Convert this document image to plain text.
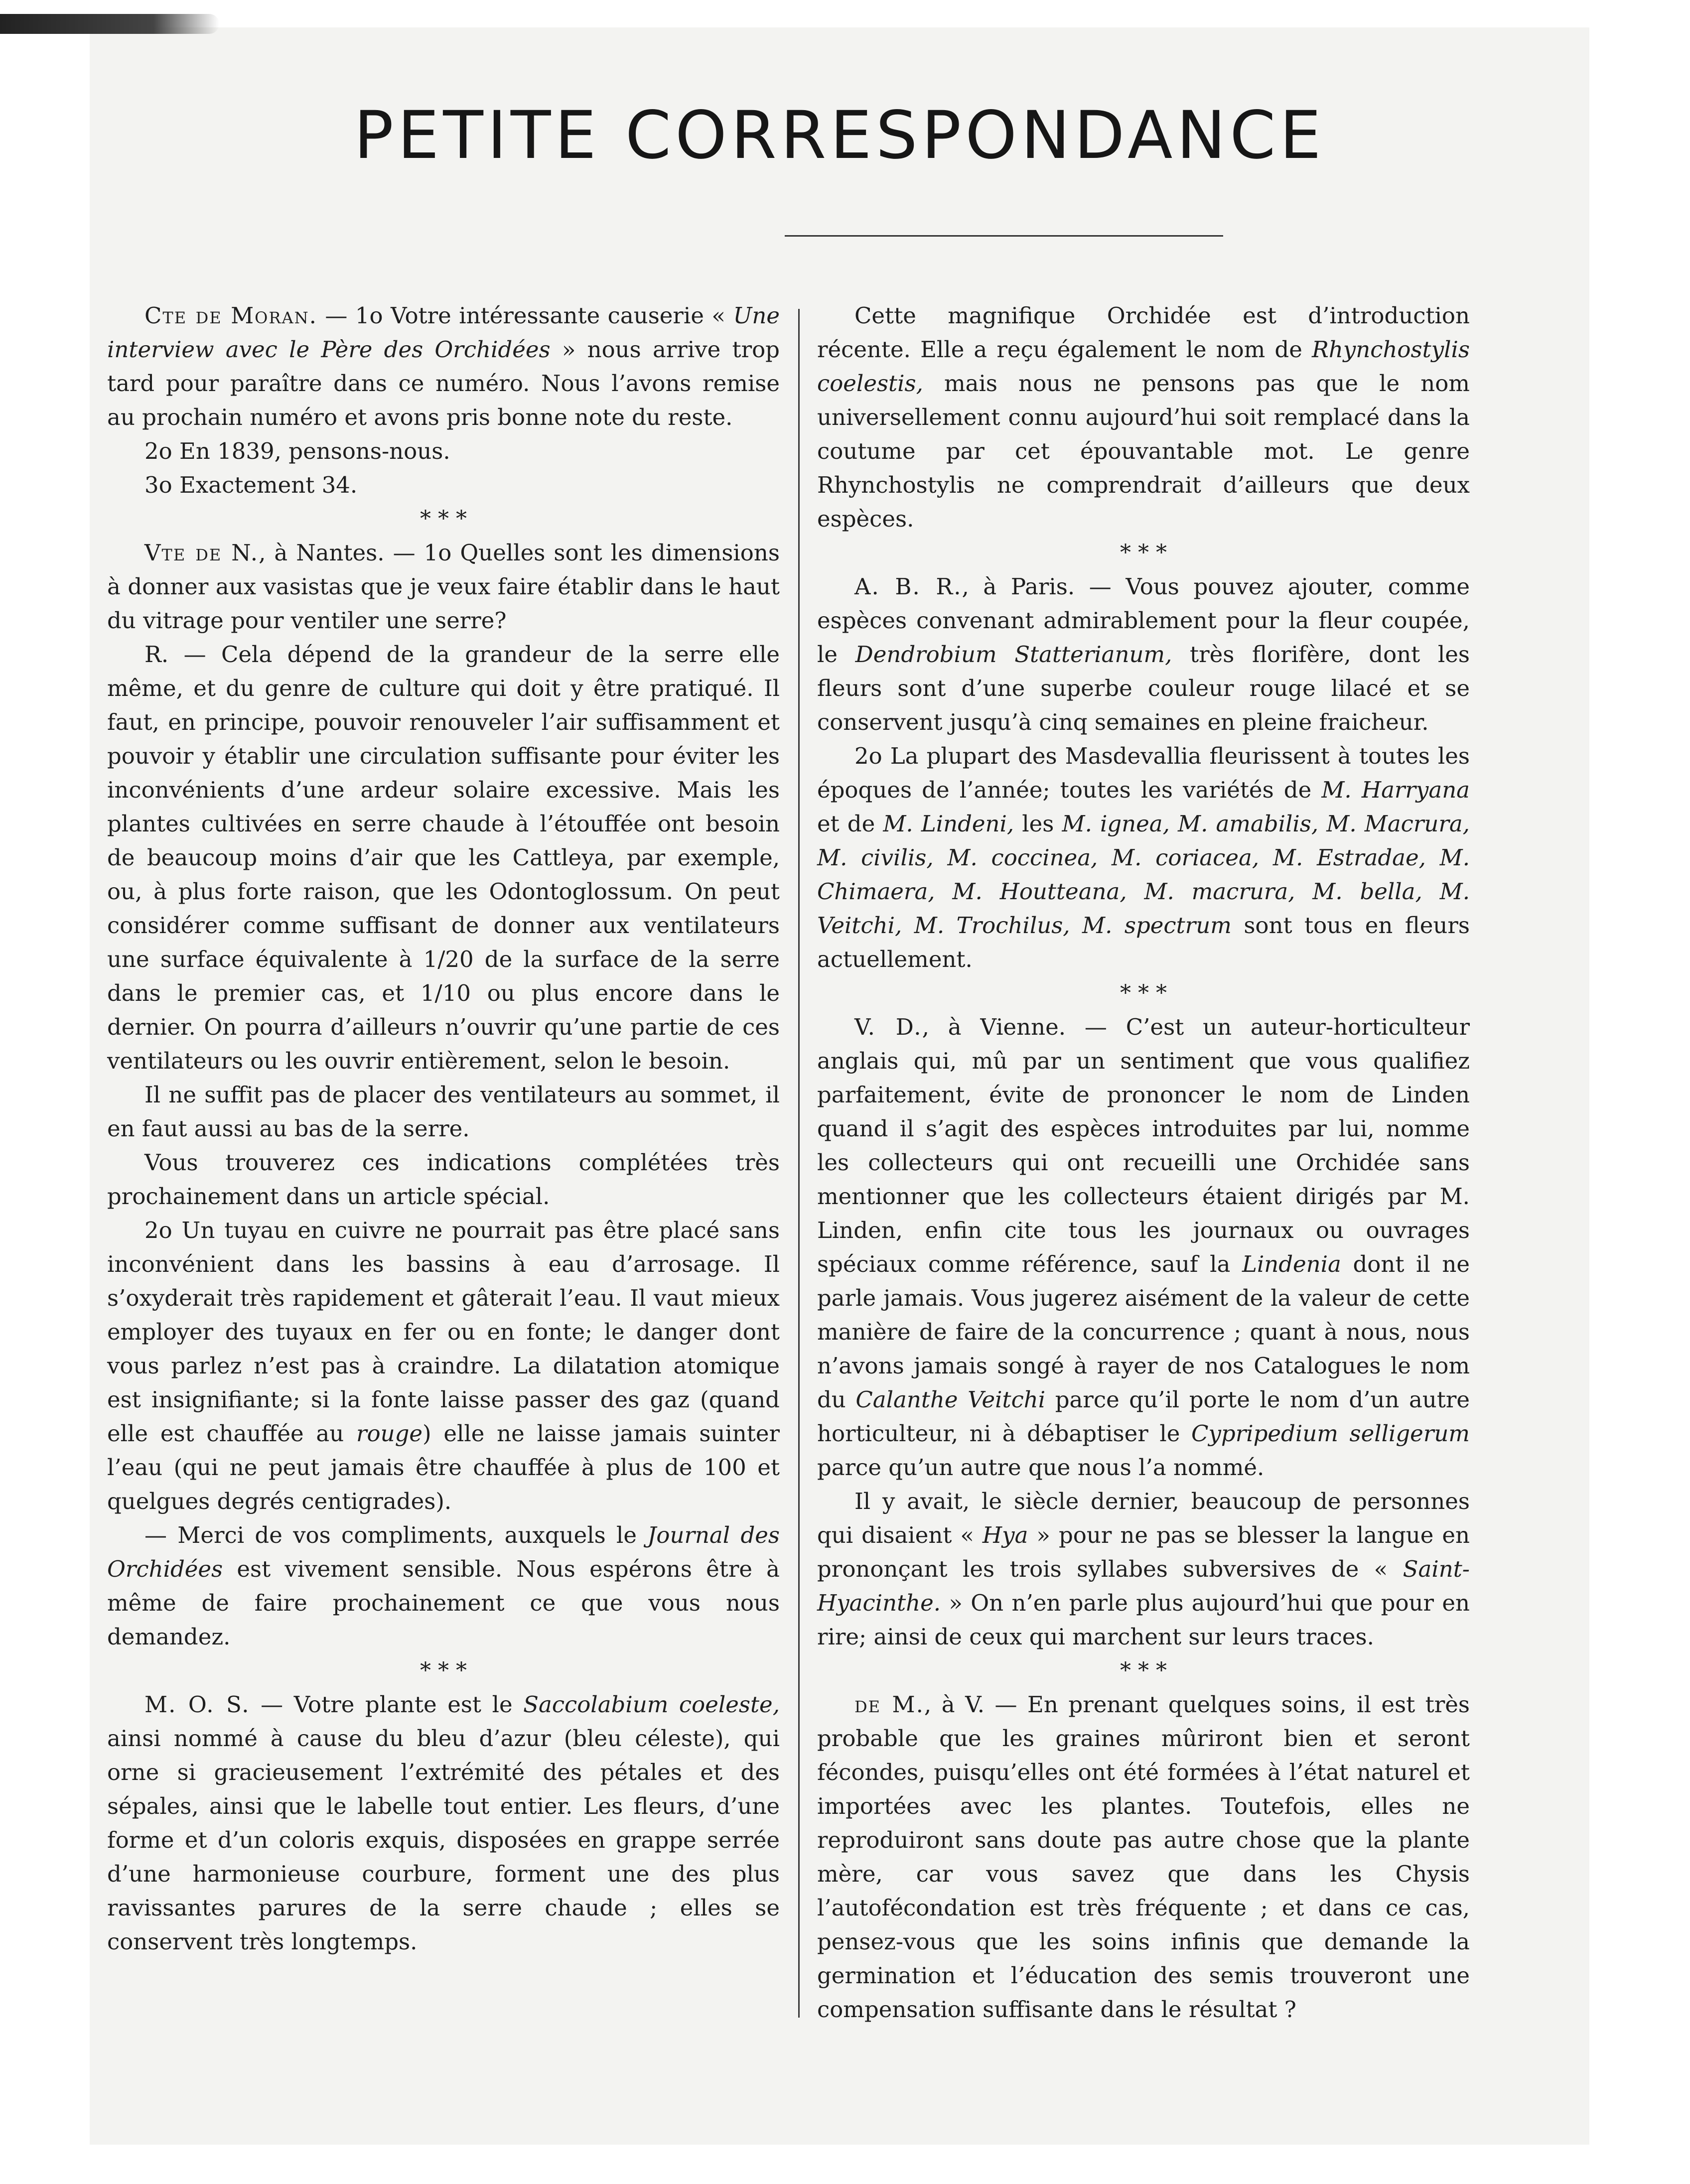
PETITE CORRESPONDANCE

Cte de Moran. — 1o Votre intéressante causerie « Une interview avec le Père des Orchidées » nous arrive trop tard pour paraître dans ce numéro. Nous l’avons remise au prochain numéro et avons pris bonne note du reste.

2o En 1839, pensons-nous.

3o Exactement 34.

* * *

Vte de N., à Nantes. — 1o Quelles sont les dimensions à donner aux vasistas que je veux faire établir dans le haut du vitrage pour ventiler une serre?

R. — Cela dépend de la grandeur de la serre elle même, et du genre de culture qui doit y être pratiqué. Il faut, en principe, pouvoir renouveler l’air suffisamment et pouvoir y établir une circulation suffisante pour éviter les inconvénients d’une ardeur solaire excessive. Mais les plantes cultivées en serre chaude à l’étouffée ont besoin de beaucoup moins d’air que les Cattleya, par exemple, ou, à plus forte raison, que les Odontoglossum. On peut considérer comme suffisant de donner aux ventilateurs une surface équivalente à 1/20 de la surface de la serre dans le premier cas, et 1/10 ou plus encore dans le dernier. On pourra d’ailleurs n’ouvrir qu’une partie de ces ventilateurs ou les ouvrir entièrement, selon le besoin.

Il ne suffit pas de placer des ventilateurs au sommet, il en faut aussi au bas de la serre.

Vous trouverez ces indications complétées très prochainement dans un article spécial.

2o Un tuyau en cuivre ne pourrait pas être placé sans inconvénient dans les bassins à eau d’arrosage. Il s’oxyderait très rapidement et gâterait l’eau. Il vaut mieux employer des tuyaux en fer ou en fonte; le danger dont vous parlez n’est pas à craindre. La dilatation atomique est insignifiante; si la fonte laisse passer des gaz (quand elle est chauffée au rouge) elle ne laisse jamais suinter l’eau (qui ne peut jamais être chauffée à plus de 100 et quelgues degrés centigrades).

— Merci de vos compliments, auxquels le Journal des Orchidées est vivement sensible. Nous espérons être à même de faire prochainement ce que vous nous demandez.

* * *

M. O. S. — Votre plante est le Saccolabium coeleste, ainsi nommé à cause du bleu d’azur (bleu céleste), qui orne si gracieusement l’extrémité des pétales et des sépales, ainsi que le labelle tout entier. Les fleurs, d’une forme et d’un coloris exquis, disposées en grappe serrée d’une harmonieuse courbure, forment une des plus ravissantes parures de la serre chaude ; elles se conservent très longtemps.

Cette magnifique Orchidée est d’introduction récente. Elle a reçu également le nom de Rhynchostylis coelestis, mais nous ne pensons pas que le nom universellement connu aujourd’hui soit remplacé dans la coutume par cet épouvantable mot. Le genre Rhynchostylis ne comprendrait d’ailleurs que deux espèces.

* * *

A. B. R., à Paris. — Vous pouvez ajouter, comme espèces convenant admirablement pour la fleur coupée, le Dendrobium Statterianum, très florifère, dont les fleurs sont d’une superbe couleur rouge lilacé et se conservent jusqu’à cinq semaines en pleine fraicheur.

2o La plupart des Masdevallia fleurissent à toutes les époques de l’année; toutes les variétés de M. Harryana et de M. Lindeni, les M. ignea, M. amabilis, M. Macrura, M. civilis, M. coccinea, M. coriacea, M. Estradae, M. Chimaera, M. Houtteana, M. macrura, M. bella, M. Veitchi, M. Trochilus, M. spectrum sont tous en fleurs actuellement.

* * *

V. D., à Vienne. — C’est un auteur-horticulteur anglais qui, mû par un sentiment que vous qualifiez parfaitement, évite de prononcer le nom de Linden quand il s’agit des espèces introduites par lui, nomme les collecteurs qui ont recueilli une Orchidée sans mentionner que les collecteurs étaient dirigés par M. Linden, enfin cite tous les journaux ou ouvrages spéciaux comme référence, sauf la Lindenia dont il ne parle jamais. Vous jugerez aisément de la valeur de cette manière de faire de la concurrence ; quant à nous, nous n’avons jamais songé à rayer de nos Catalogues le nom du Calanthe Veitchi parce qu’il porte le nom d’un autre horticulteur, ni à débaptiser le Cypripedium selligerum parce qu’un autre que nous l’a nommé.

Il y avait, le siècle dernier, beaucoup de personnes qui disaient « Hya » pour ne pas se blesser la langue en prononçant les trois syllabes subversives de « Saint-Hyacinthe. » On n’en parle plus aujourd’hui que pour en rire; ainsi de ceux qui marchent sur leurs traces.

* * *

de M., à V. — En prenant quelques soins, il est très probable que les graines mûriront bien et seront fécondes, puisqu’elles ont été formées à l’état naturel et importées avec les plantes. Toutefois, elles ne reproduiront sans doute pas autre chose que la plante mère, car vous savez que dans les Chysis l’autofécondation est très fréquente ; et dans ce cas, pensez-vous que les soins infinis que demande la germination et l’éducation des semis trouveront une compensation suffisante dans le résultat ?
